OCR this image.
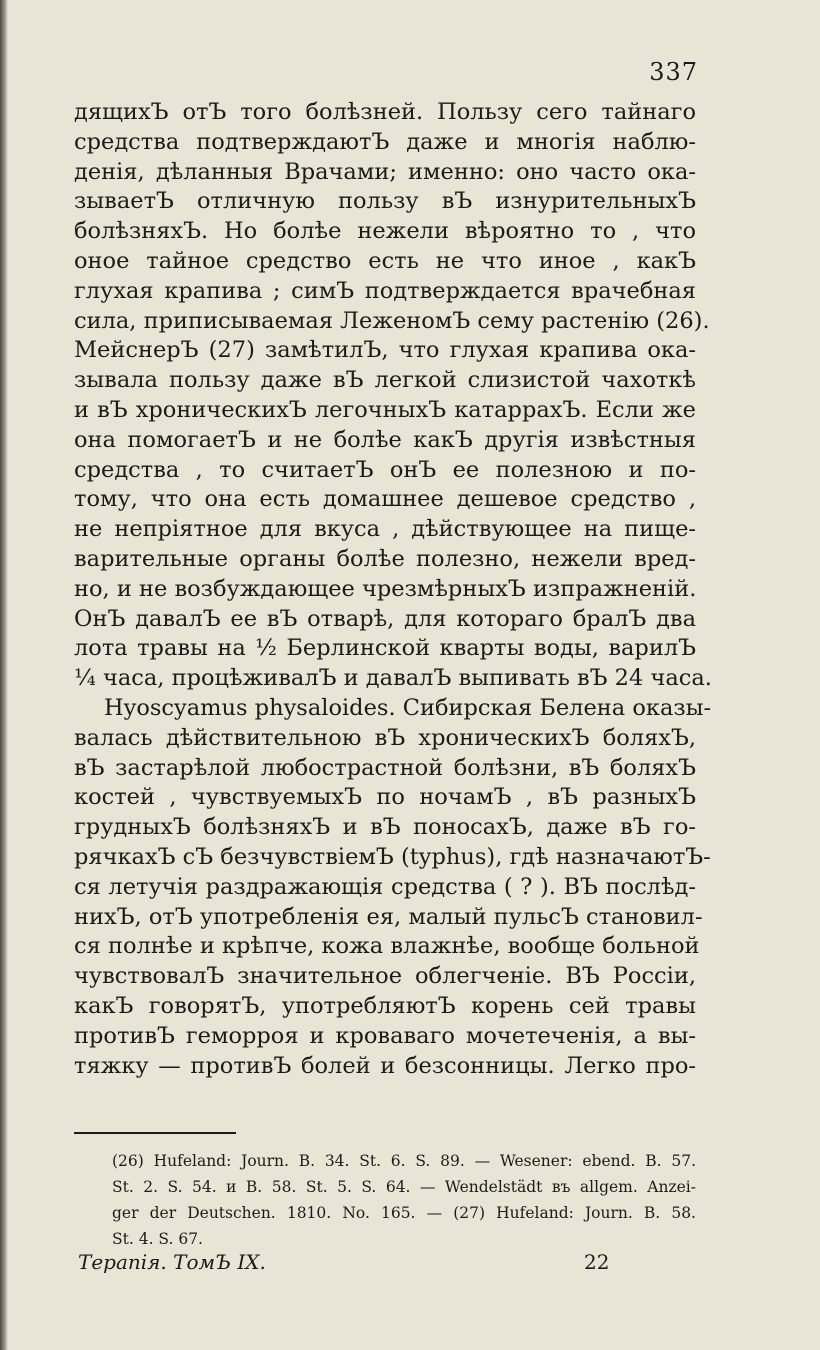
337
дящихЪ отЪ того болѣзней. Пользу сего тайнаго
средства подтверждаютЪ даже и многія наблю-
денія, дѣланныя Врачами; именно: оно часто ока-
зываетЪ отличную пользу вЪ изнурительныхЪ
болѣзняхЪ. Но болѣе нежели вѣроятно то , что
оное тайное средство есть не что иное , какЪ
глухая крапива ; симЪ подтверждается врачебная
сила, приписываемая ЛеженомЪ сему растенію (26).
МейснерЪ (27) замѣтилЪ, что глухая крапива ока-
зывала пользу даже вЪ легкой слизистой чахоткѣ
и вЪ хроническихЪ легочныхЪ катаррахЪ. Если же
она помогаетЪ и не болѣе какЪ другія извѣстныя
средства , то считаетЪ онЪ ее полезною и по-
тому, что она есть домашнее дешевое средство ,
не непріятное для вкуса , дѣйствующее на пище-
варительные органы болѣе полезно, нежели вред-
но, и не возбуждающее чрезмѣрныхЪ изпражненій.
ОнЪ давалЪ ее вЪ отварѣ, для котораго бралЪ два
лота травы на ½ Берлинской кварты воды, варилЪ
¼ часа, процѣживалЪ и давалЪ выпивать вЪ 24 часа.
Hyoscyamus physaloides. Сибирская Белена оказы-
валась дѣйствительною вЪ хроническихЪ боляхЪ,
вЪ застарѣлой любострастной болѣзни, вЪ боляхЪ
костей , чувствуемыхЪ по ночамЪ , вЪ разныхЪ
грудныхЪ болѣзняхЪ и вЪ поносахЪ, даже вЪ го-
рячкахЪ сЪ безчувствіемЪ (typhus), гдѣ назначаютЪ-
ся летучія раздражающія средства ( ? ). ВЪ послѣд-
нихЪ, отЪ употребленія ея, малый пульсЪ становил-
ся полнѣе и крѣпче, кожа влажнѣе, вообще больной
чувствовалЪ значительное облегченіе. ВЪ Россіи,
какЪ говорятЪ, употребляютЪ корень сей травы
противЪ геморроя и кроваваго мочетеченія, а вы-
тяжку — противЪ болей и безсонницы. Легко про-
(26) Hufeland: Journ. B. 34. St. 6. S. 89. — Wesener: ebend. B. 57.
St. 2. S. 54. и B. 58. St. 5. S. 64. — Wendelstädt въ allgem. Anzei-
ger der Deutschen. 1810. No. 165. — (27) Hufeland: Journ. B. 58.
St. 4. S. 67.
Терапія. ТомЪ IX.	22
